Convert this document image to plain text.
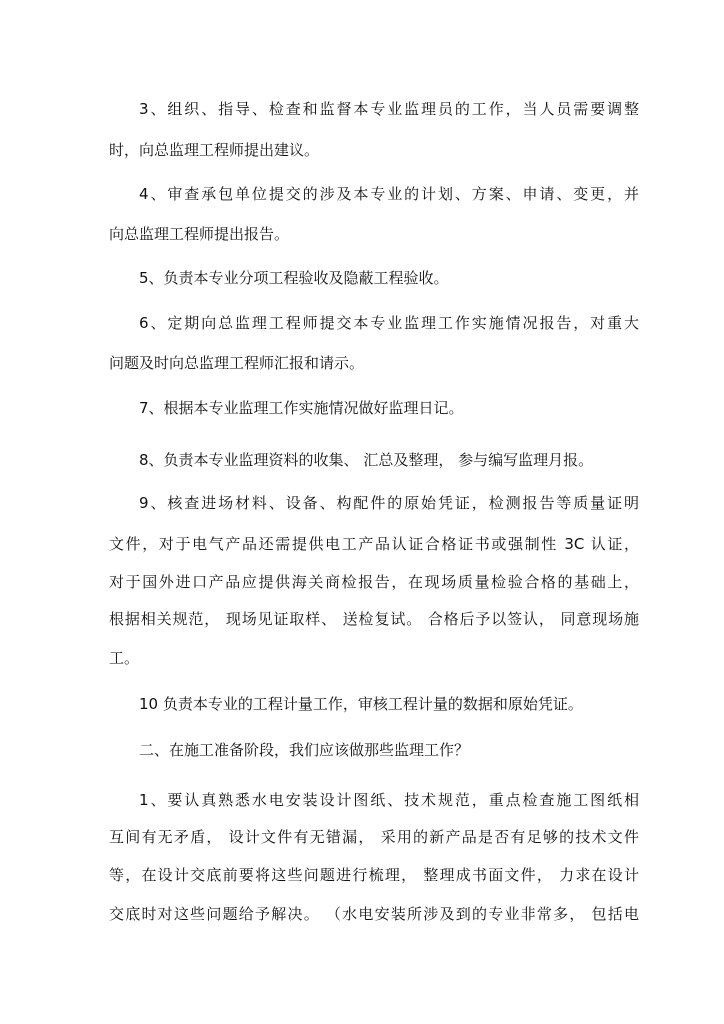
3、组织、指导、检查和监督本专业监理员的工作，当人员需要调整
时，向总监理工程师提出建议。
4、审查承包单位提交的涉及本专业的计划、方案、申请、变更，并
向总监理工程师提出报告。
5、负责本专业分项工程验收及隐蔽工程验收。
6、定期向总监理工程师提交本专业监理工作实施情况报告，对重大
问题及时向总监理工程师汇报和请示。
7、根据本专业监理工作实施情况做好监理日记。
8、负责本专业监理资料的收集、 汇总及整理， 参与编写监理月报。
9、核查进场材料、设备、构配件的原始凭证，检测报告等质量证明
文件，对于电气产品还需提供电工产品认证合格证书或强制性 3C 认证，
对于国外进口产品应提供海关商检报告，在现场质量检验合格的基础上，
根据相关规范， 现场见证取样、 送检复试。 合格后予以签认， 同意现场施
工。
10 负责本专业的工程计量工作，审核工程计量的数据和原始凭证。
二、在施工准备阶段，我们应该做那些监理工作？
1、要认真熟悉水电安装设计图纸、技术规范，重点检查施工图纸相
互间有无矛盾， 设计文件有无错漏， 采用的新产品是否有足够的技术文件
等，在设计交底前要将这些问题进行梳理， 整理成书面文件， 力求在设计
交底时对这些问题给予解决。 （水电安装所涉及到的专业非常多， 包括电
